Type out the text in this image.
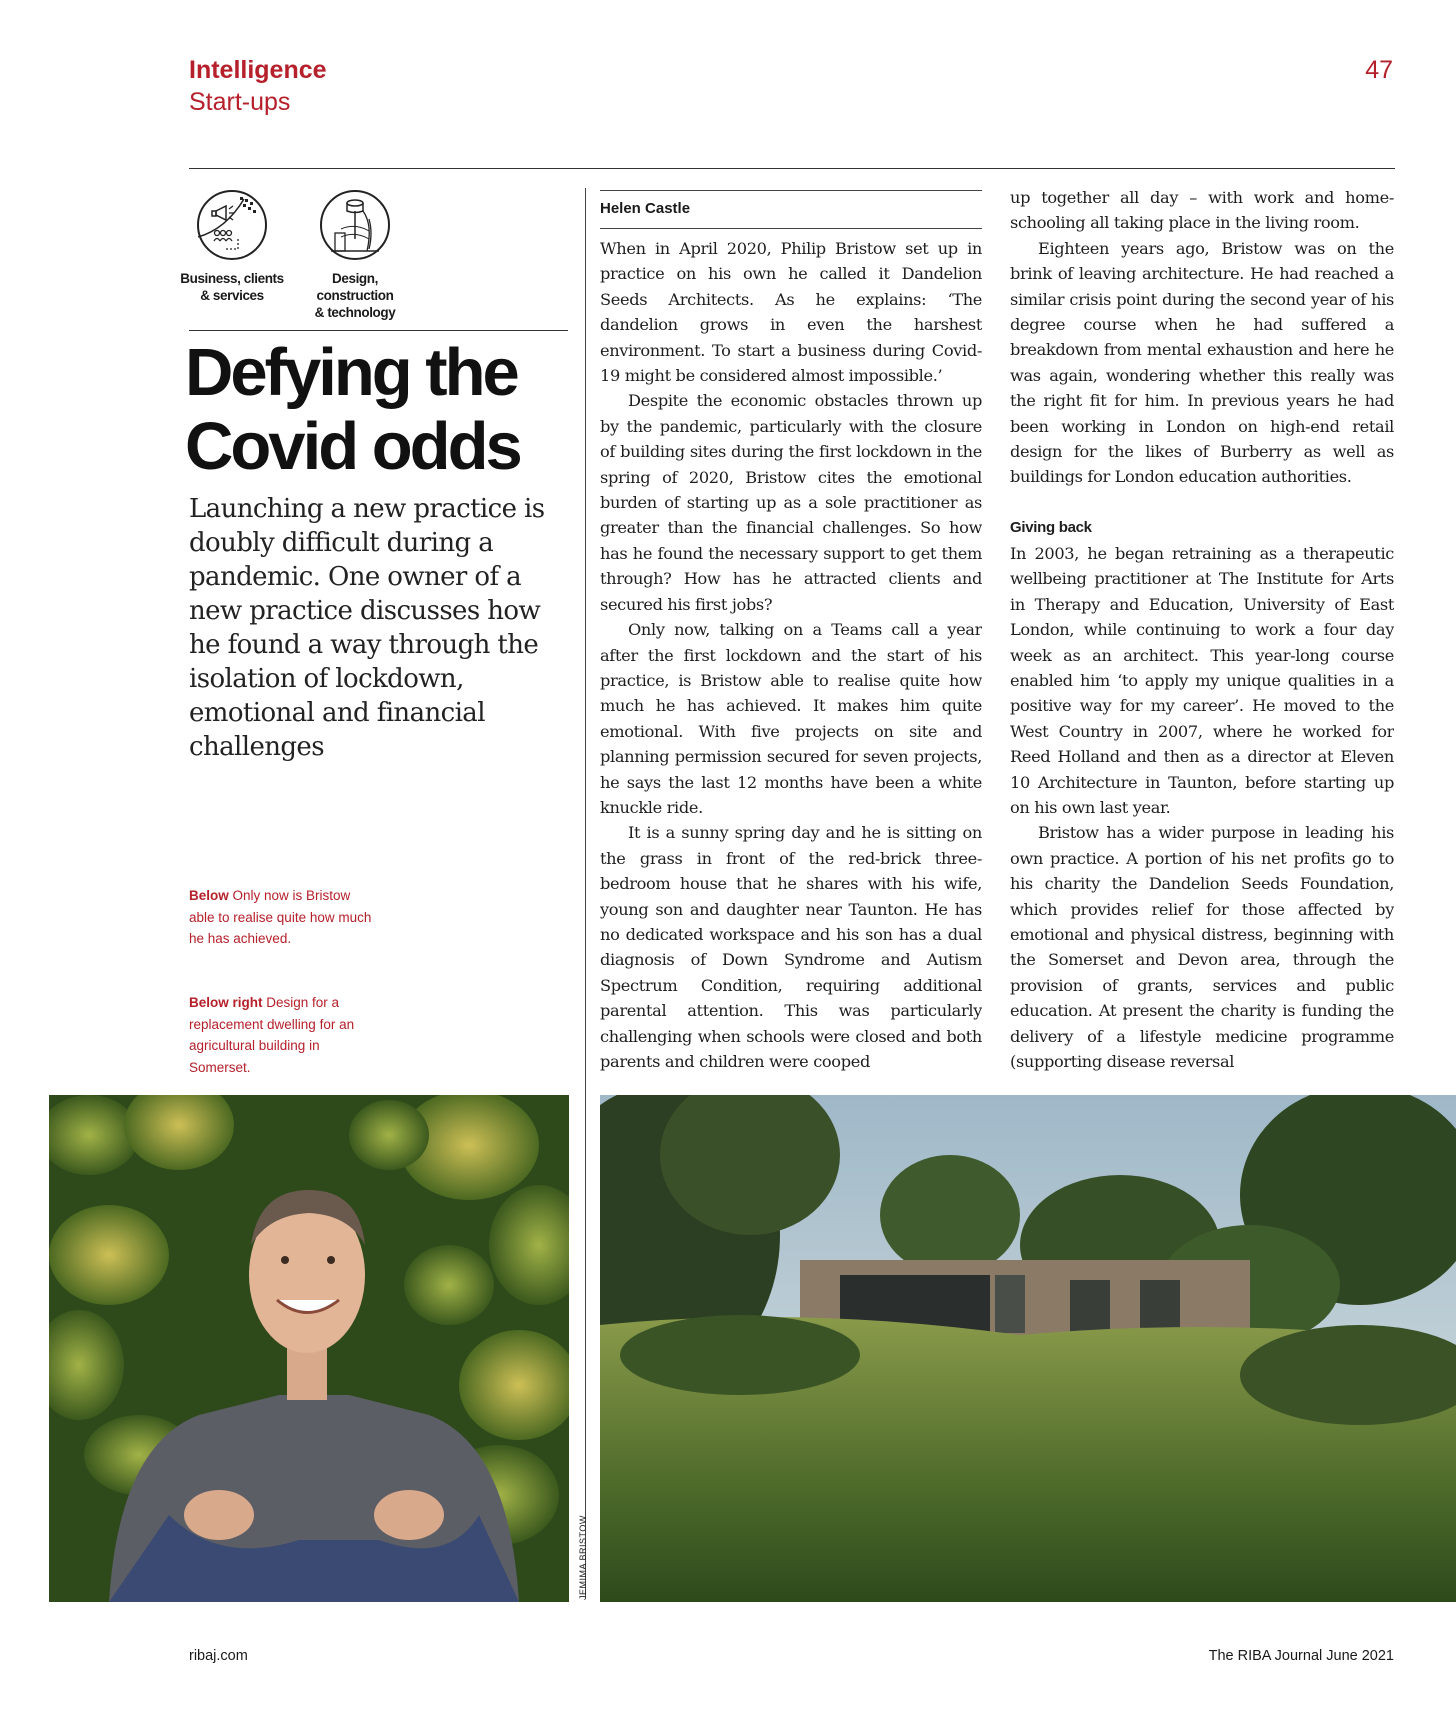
Intelligence
Start-ups
47
Business, clients
& services
Design, construction
& technology
Defying the
Covid odds

Launching a new practice is doubly difficult during a pandemic. One owner of a new practice discusses how he found a way through the isolation of lockdown, emotional and financial challenges

Below Only now is Bristow able to realise quite how much he has achieved.

Below right Design for a replacement dwelling for an agricultural building in Somerset.

Helen Castle

When in April 2020, Philip Bristow set up in practice on his own he called it Dandelion Seeds Architects. As he explains: ‘The dandelion grows in even the harshest environment. To start a business during Covid-19 might be considered almost impossible.’

Despite the economic obstacles thrown up by the pandemic, particularly with the closure of building sites during the first lockdown in the spring of 2020, Bristow cites the emotional burden of starting up as a sole practitioner as greater than the financial challenges. So how has he found the necessary support to get them through? How has he attracted clients and secured his first jobs?

Only now, talking on a Teams call a year after the first lockdown and the start of his practice, is Bristow able to realise quite how much he has achieved. It makes him quite emotional. With five projects on site and planning permission secured for seven projects, he says the last 12 months have been a white knuckle ride.

It is a sunny spring day and he is sitting on the grass in front of the red-brick three-bedroom house that he shares with his wife, young son and daughter near Taunton. He has no dedicated workspace and his son has a dual diagnosis of Down Syndrome and Autism Spectrum Condition, requiring additional parental attention. This was particularly challenging when schools were closed and both parents and children were cooped

up together all day – with work and home-schooling all taking place in the living room.

Eighteen years ago, Bristow was on the brink of leaving architecture. He had reached a similar crisis point during the second year of his degree course when he had suffered a breakdown from mental exhaustion and here he was again, wondering whether this really was the right fit for him. In previous years he had been working in London on high-end retail design for the likes of Burberry as well as buildings for London education authorities.

Giving back

In 2003, he began retraining as a therapeutic wellbeing practitioner at The Institute for Arts in Therapy and Education, University of East London, while continuing to work a four day week as an architect. This year-long course enabled him ‘to apply my unique qualities in a positive way for my career’. He moved to the West Country in 2007, where he worked for Reed Holland and then as a director at Eleven 10 Architecture in Taunton, before starting up on his own last year.

Bristow has a wider purpose in leading his own practice. A portion of his net profits go to his charity the Dandelion Seeds Foundation, which provides relief for those affected by emotional and physical distress, beginning with the Somerset and Devon area, through the provision of grants, services and public education. At present the charity is funding the delivery of a lifestyle medicine programme (supporting disease reversal

JEMIMA BRISTOW
ribaj.com	The RIBA Journal June 2021
